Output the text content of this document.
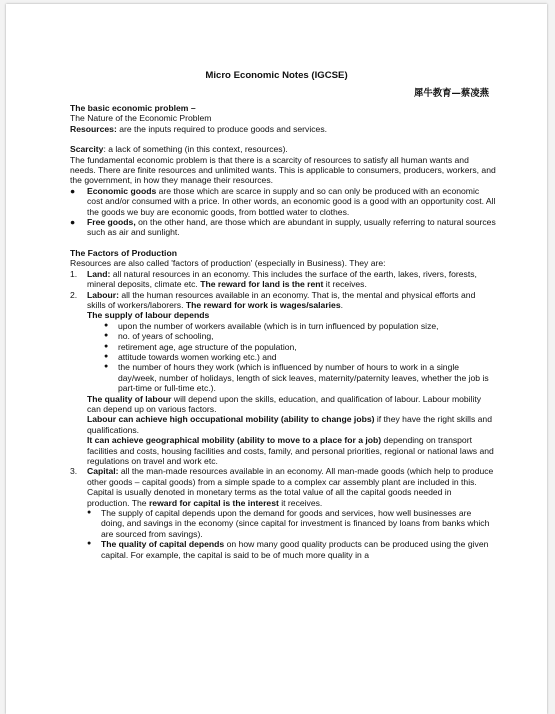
Micro Economic Notes (IGCSE)
犀牛教育—蔡凌燕

The basic economic problem –

The Nature of the Economic Problem

Resources: are the inputs required to produce goods and services.

Scarcity: a lack of something (in this context, resources).

The fundamental economic problem is that there is a scarcity of resources to satisfy all human wants and needs. There are finite resources and unlimited wants. This is applicable to consumers, producers, workers, and the government, in how they manage their resources.

●	Economic goods are those which are scarce in supply and so can only be produced with an economic cost and/or consumed with a price. In other words, an economic good is a good with an opportunity cost. All the goods we buy are economic goods, from bottled water to clothes.
●	Free goods, on the other hand, are those which are abundant in supply, usually referring to natural sources such as air and sunlight.

The Factors of Production

Resources are also called 'factors of production' (especially in Business). They are:

1.	Land: all natural resources in an economy. This includes the surface of the earth, lakes, rivers, forests, mineral deposits, climate etc. The reward for land is the rent it receives.
2.	Labour: all the human resources available in an economy. That is, the mental and physical efforts and skills of workers/laborers. The reward for work is wages/salaries.

The supply of labour depends

●	upon the number of workers available (which is in turn influenced by population size,
●	no. of years of schooling,
●	retirement age, age structure of the population,
●	attitude towards women working etc.) and
●	the number of hours they work (which is influenced by number of hours to work in a single day/week, number of holidays, length of sick leaves, maternity/paternity leaves, whether the job is part-time or full-time etc.).

The quality of labour will depend upon the skills, education, and qualification of labour. Labour mobility can depend up on various factors.

Labour can achieve high occupational mobility (ability to change jobs) if they have the right skills and qualifications.

It can achieve geographical mobility (ability to move to a place for a job) depending on transport facilities and costs, housing facilities and costs, family, and personal priorities, regional or national laws and regulations on travel and work etc.

3.	Capital: all the man-made resources available in an economy. All man-made goods (which help to produce other goods – capital goods) from a simple spade to a complex car assembly plant are included in this. Capital is usually denoted in monetary terms as the total value of all the capital goods needed in production. The reward for capital is the interest it receives.
●	The supply of capital depends upon the demand for goods and services, how well businesses are doing, and savings in the economy (since capital for investment is financed by loans from banks which are sourced from savings).
●	The quality of capital depends on how many good quality products can be produced using the given capital. For example, the capital is said to be of much more quality in a
